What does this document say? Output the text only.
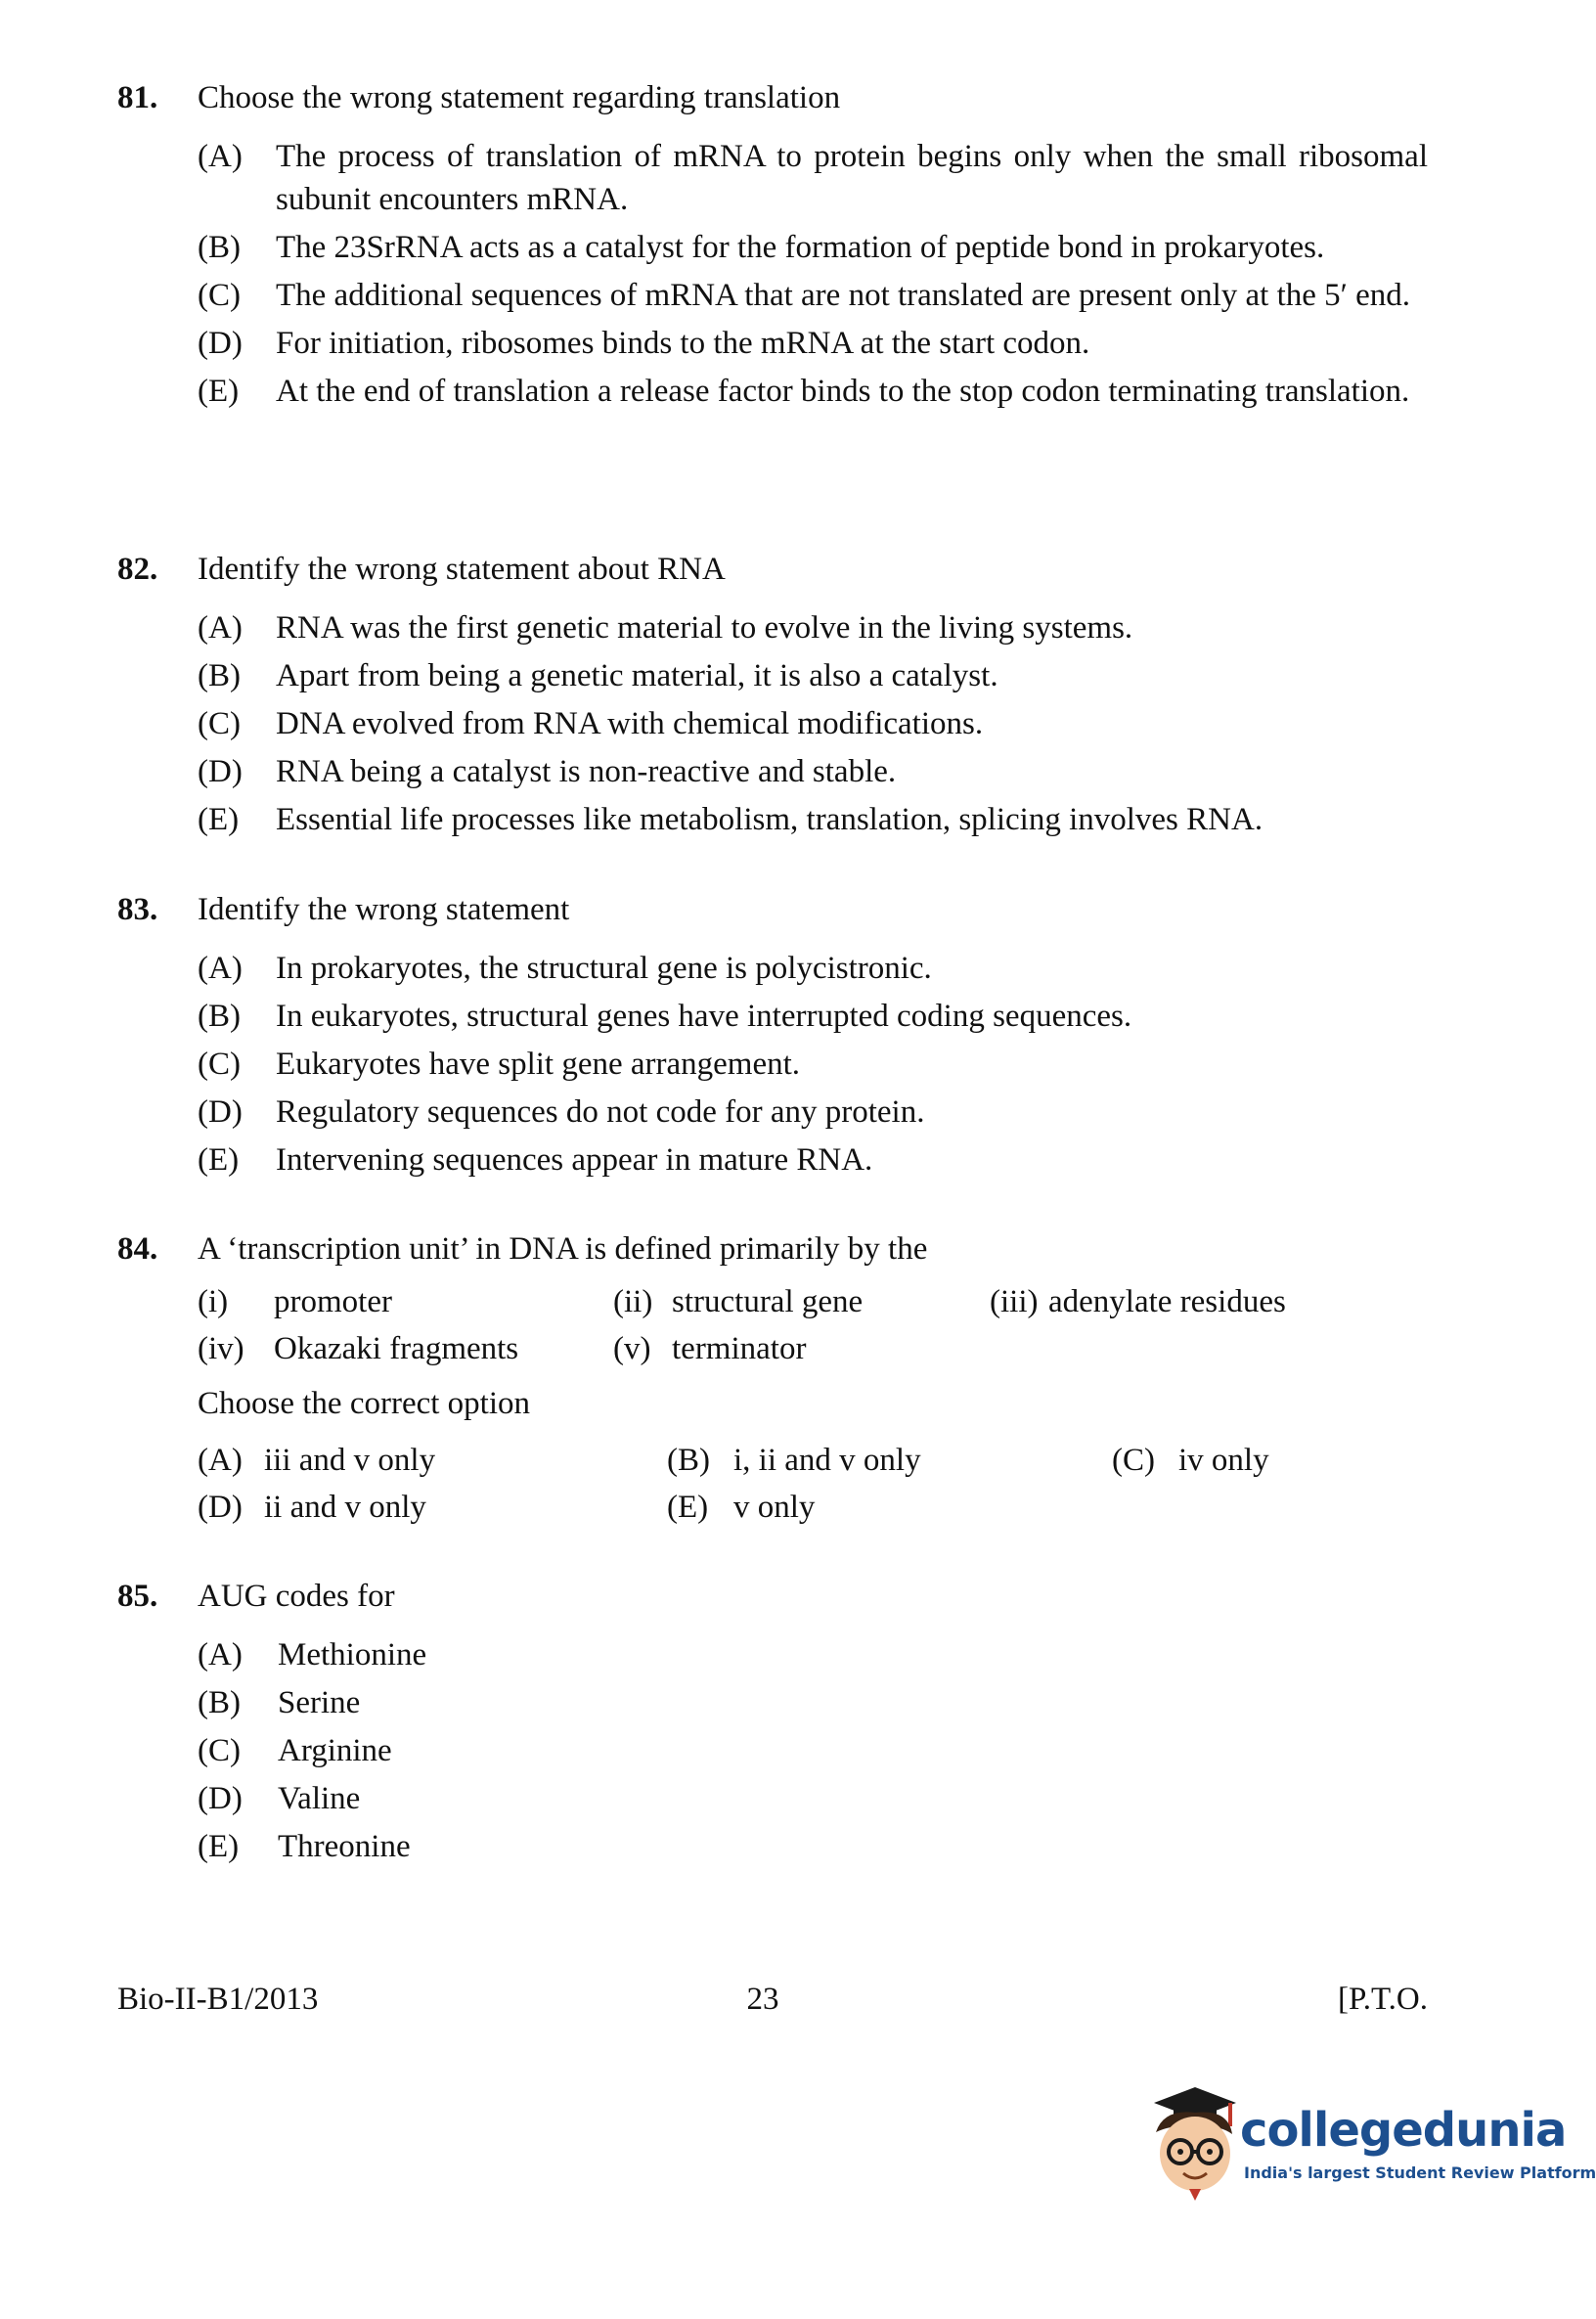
81.	Choose the wrong statement regarding translation
(A)	The process of translation of mRNA to protein begins only when the small ribosomal subunit encounters mRNA.
(B)	The 23SrRNA acts as a catalyst for the formation of peptide bond in prokaryotes.
(C)	The additional sequences of mRNA that are not translated are present only at the 5′ end.
(D)	For initiation, ribosomes binds to the mRNA at the start codon.
(E)	At the end of translation a release factor binds to the stop codon terminating translation.
82.	Identify the wrong statement about RNA
(A)	RNA was the first genetic material to evolve in the living systems.
(B)	Apart from being a genetic material, it is also a catalyst.
(C)	DNA evolved from RNA with chemical modifications.
(D)	RNA being a catalyst is non-reactive and stable.
(E)	Essential life processes like metabolism, translation, splicing involves RNA.
83.	Identify the wrong statement
(A)	In prokaryotes, the structural gene is polycistronic.
(B)	In eukaryotes, structural genes have interrupted coding sequences.
(C)	Eukaryotes have split gene arrangement.
(D)	Regulatory sequences do not code for any protein.
(E)	Intervening sequences appear in mature RNA.
84.	A ‘transcription unit’ in DNA is defined primarily by the
(i)	promoter	(ii) structural gene	(iii) adenylate residues
(iv) Okazaki fragments	(v) terminator
Choose the correct option
(A) iii and v only	(B) i, ii and v only	(C) iv only
(D) ii and v only	(E) v only
85.	AUG codes for
(A)	Methionine
(B)	Serine
(C)	Arginine
(D)	Valine
(E)	Threonine
Bio-II-B1/2013	23	[P.T.O.
collegedunia
India's largest Student Review Platform
